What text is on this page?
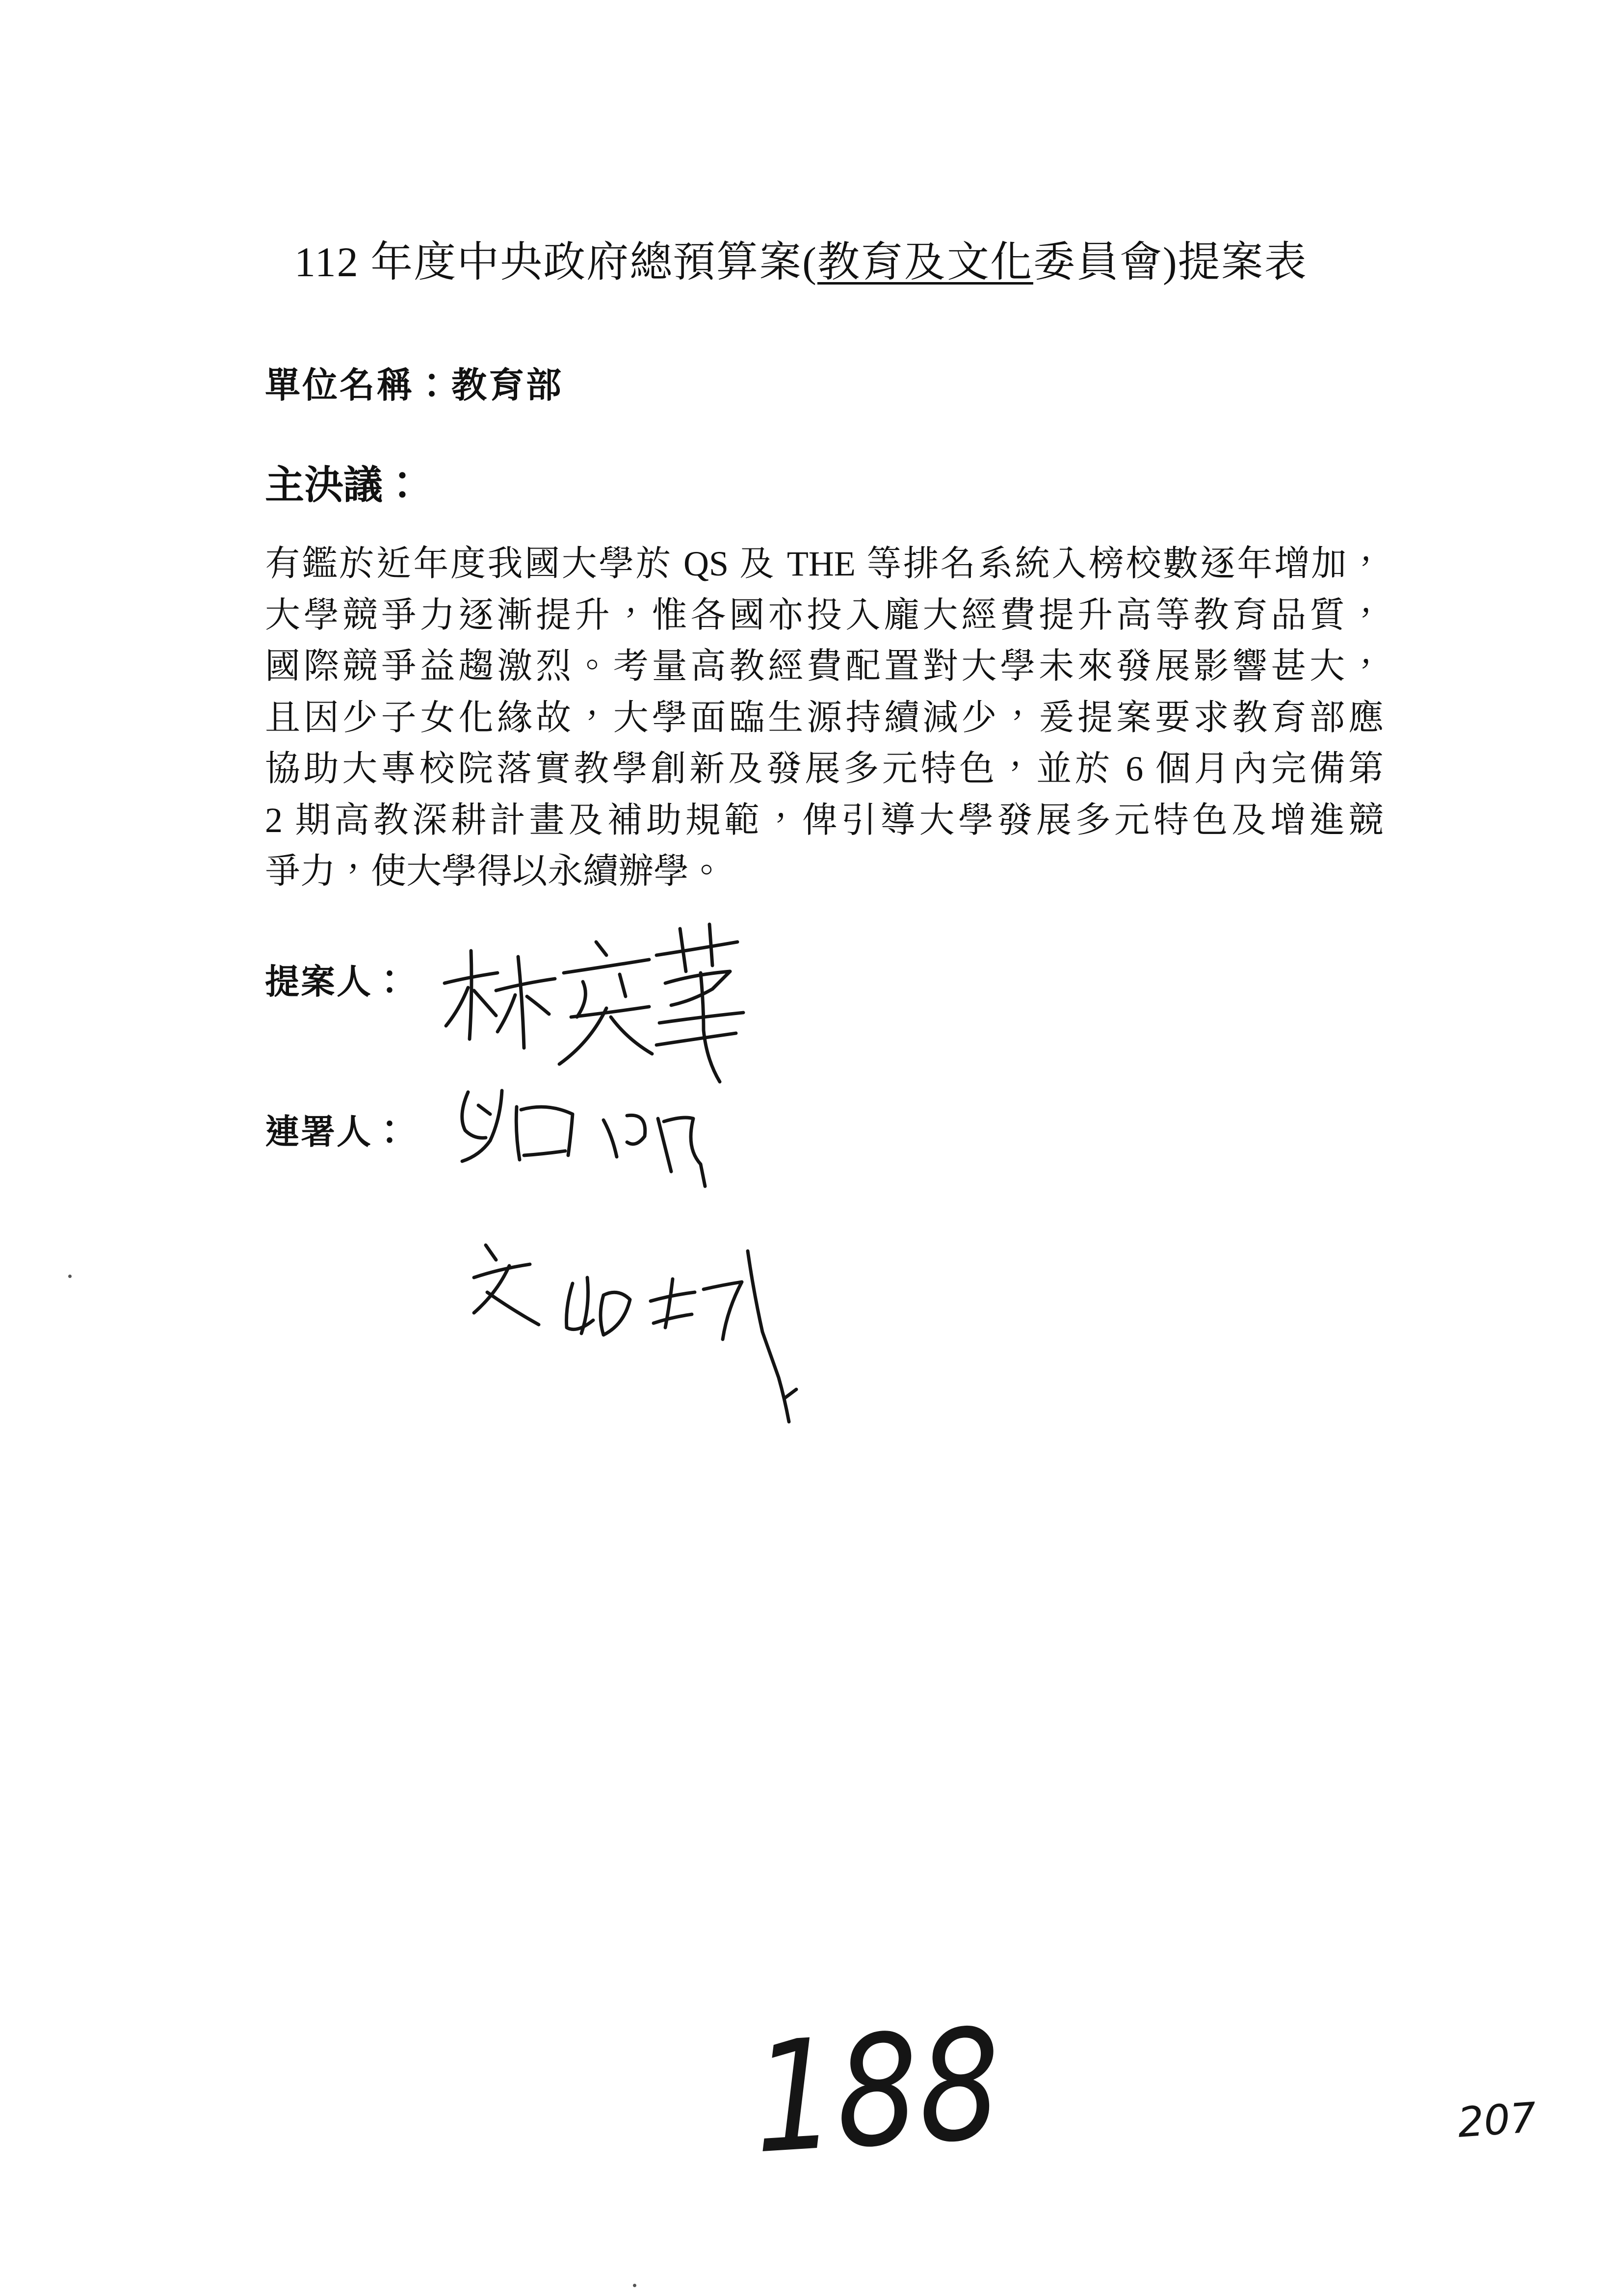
112 年度中央政府總預算案(教育及文化委員會)提案表
單位名稱：教育部
主決議：
有鑑於近年度我國大學於 QS 及 THE 等排名系統入榜校數逐年增加，
大學競爭力逐漸提升，惟各國亦投入龐大經費提升高等教育品質，
國際競爭益趨激烈。考量高教經費配置對大學未來發展影響甚大，
且因少子女化緣故，大學面臨生源持續減少，爰提案要求教育部應
協助大專校院落實教學創新及發展多元特色，並於 6 個月內完備第
2 期高教深耕計畫及補助規範，俾引導大學發展多元特色及增進競
爭力，使大學得以永續辦學。
提案人：
連署人：
188	207
